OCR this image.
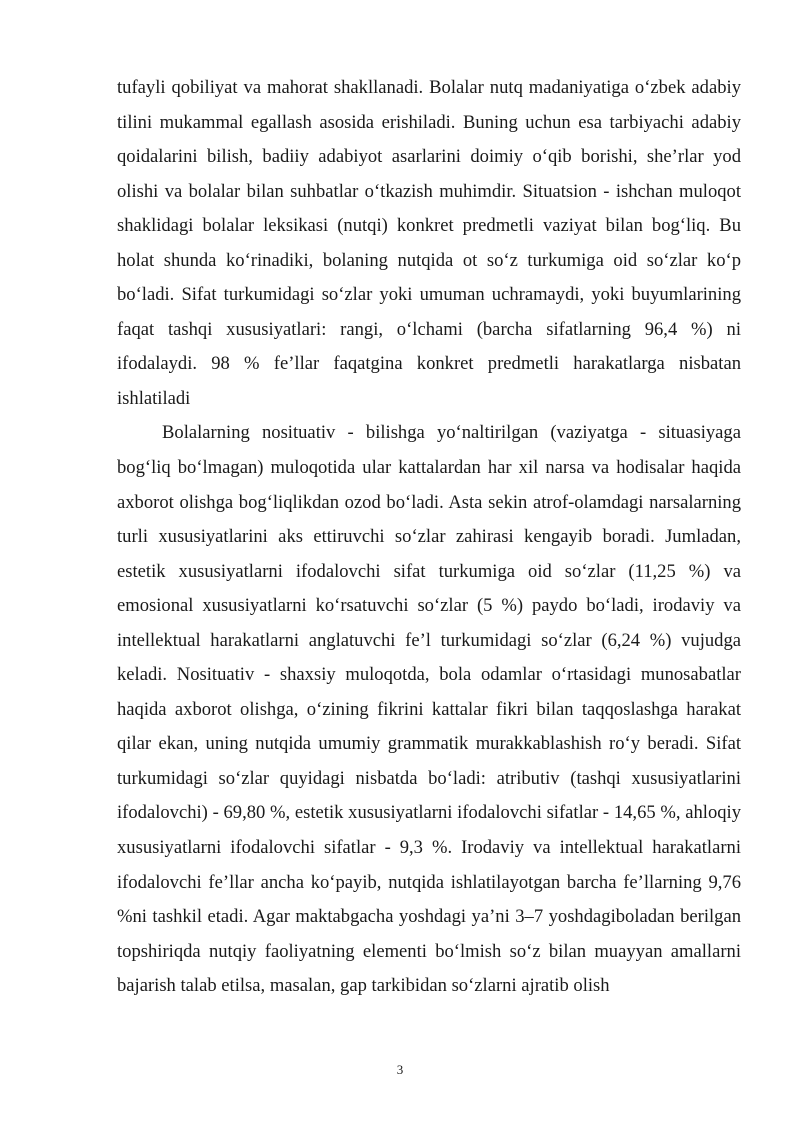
tufayli qobiliyat va mahorat shakllanadi. Bolalar nutq madaniyatiga o‘zbek adabiy tilini mukammal egallash asosida erishiladi. Buning uchun esa tarbiyachi adabiy qoidalarini bilish, badiiy adabiyot asarlarini doimiy o‘qib borishi, she’rlar yod olishi va bolalar bilan suhbatlar o‘tkazish muhimdir. Situatsion - ishchan muloqot shaklidagi bolalar leksikasi (nutqi) konkret predmetli vaziyat bilan bog‘liq. Bu holat shunda ko‘rinadiki, bolaning nutqida ot so‘z turkumiga oid so‘zlar ko‘p bo‘ladi. Sifat turkumidagi so‘zlar yoki umuman uchramaydi, yoki buyumlarining faqat tashqi xususiyatlari: rangi, o‘lchami (barcha sifatlarning 96,4 %) ni ifodalaydi. 98 % fe’llar faqatgina konkret predmetli harakatlarga nisbatan ishlatiladi

Bolalarning nosituativ - bilishga yo‘naltirilgan (vaziyatga - situasiyaga bog‘liq bo‘lmagan) muloqotida ular kattalardan har xil narsa va hodisalar haqida axborot olishga bog‘liqlikdan ozod bo‘ladi. Asta sekin atrof-olamdagi narsalarning turli xususiyatlarini aks ettiruvchi so‘zlar zahirasi kengayib boradi. Jumladan, estetik xususiyatlarni ifodalovchi sifat turkumiga oid so‘zlar (11,25 %) va emosional xususiyatlarni ko‘rsatuvchi so‘zlar (5 %) paydo bo‘ladi, irodaviy va intellektual harakatlarni anglatuvchi fe’l turkumidagi so‘zlar (6,24 %) vujudga keladi. Nosituativ - shaxsiy muloqotda, bola odamlar o‘rtasidagi munosabatlar haqida axborot olishga, o‘zining fikrini kattalar fikri bilan taqqoslashga harakat qilar ekan, uning nutqida umumiy grammatik murakkablashish ro‘y beradi. Sifat turkumidagi so‘zlar quyidagi nisbatda bo‘ladi: atributiv (tashqi xususiyatlarini ifodalovchi) - 69,80 %, estetik xususiyatlarni ifodalovchi sifatlar - 14,65 %, ahloqiy xususiyatlarni ifodalovchi sifatlar - 9,3 %. Irodaviy va intellektual harakatlarni ifodalovchi fe’llar ancha ko‘payib, nutqida ishlatilayotgan barcha fe’llarning 9,76 %ni tashkil etadi. Agar maktabgacha yoshdagi ya’ni 3–7 yoshdagiboladan berilgan topshiriqda nutqiy faoliyatning elementi bo‘lmish so‘z bilan muayyan amallarni bajarish talab etilsa, masalan, gap tarkibidan so‘zlarni ajratib olish

3
